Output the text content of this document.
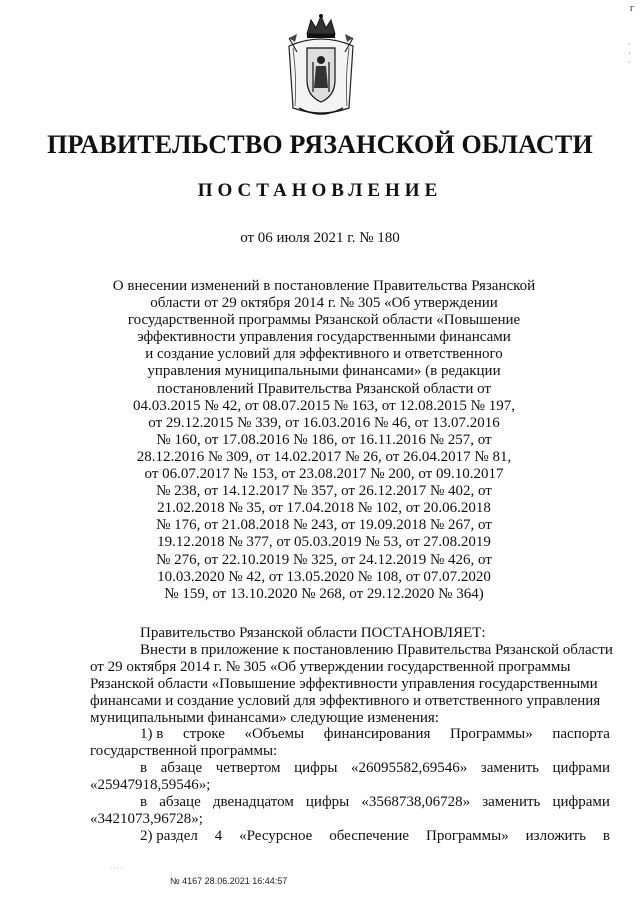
г
·
·
·
ПРАВИТЕЛЬСТВО РЯЗАНСКОЙ ОБЛАСТИ
ПОСТАНОВЛЕНИЕ
от 06 июля 2021 г. № 180
О внесении изменений в постановление Правительства Рязанской
области от 29 октября 2014 г. № 305 «Об утверждении
государственной программы Рязанской области «Повышение
эффективности управления государственными финансами
и создание условий для эффективного и ответственного
управления муниципальными финансами» (в редакции
постановлений Правительства Рязанской области от
04.03.2015 № 42, от 08.07.2015 № 163, от 12.08.2015 № 197,
от 29.12.2015 № 339, от 16.03.2016 № 46, от 13.07.2016
№ 160, от 17.08.2016 № 186, от 16.11.2016 № 257, от
28.12.2016 № 309, от 14.02.2017 № 26, от 26.04.2017 № 81,
от 06.07.2017 № 153, от 23.08.2017 № 200, от 09.10.2017
№ 238, от 14.12.2017 № 357, от 26.12.2017 № 402, от
21.02.2018 № 35, от 17.04.2018 № 102, от 20.06.2018
№ 176, от 21.08.2018 № 243, от 19.09.2018 № 267, от
19.12.2018 № 377, от 05.03.2019 № 53, от 27.08.2019
№ 276, от 22.10.2019 № 325, от 24.12.2019 № 426, от
10.03.2020 № 42, от 13.05.2020 № 108, от 07.07.2020
№ 159, от 13.10.2020 № 268, от 29.12.2020 № 364)
Правительство Рязанской области ПОСТАНОВЛЯЕТ:
Внести в приложение к постановлению Правительства Рязанской области
от 29 октября 2014 г. № 305 «Об утверждении государственной программы
Рязанской области «Повышение эффективности управления государственными
финансами и создание условий для эффективного и ответственного управления
муниципальными финансами» следующие изменения:
1) в строке «Объемы финансирования Программы» паспорта
государственной программы:
в абзаце четвертом цифры «26095582,69546» заменить цифрами
«25947918,59546»;
в абзаце двенадцатом цифры «3568738,06728» заменить цифрами
«3421073,96728»;
2) раздел 4 «Ресурсное обеспечение Программы» изложить в
· · · ·
№ 4167 28.06.2021 16:44:57
